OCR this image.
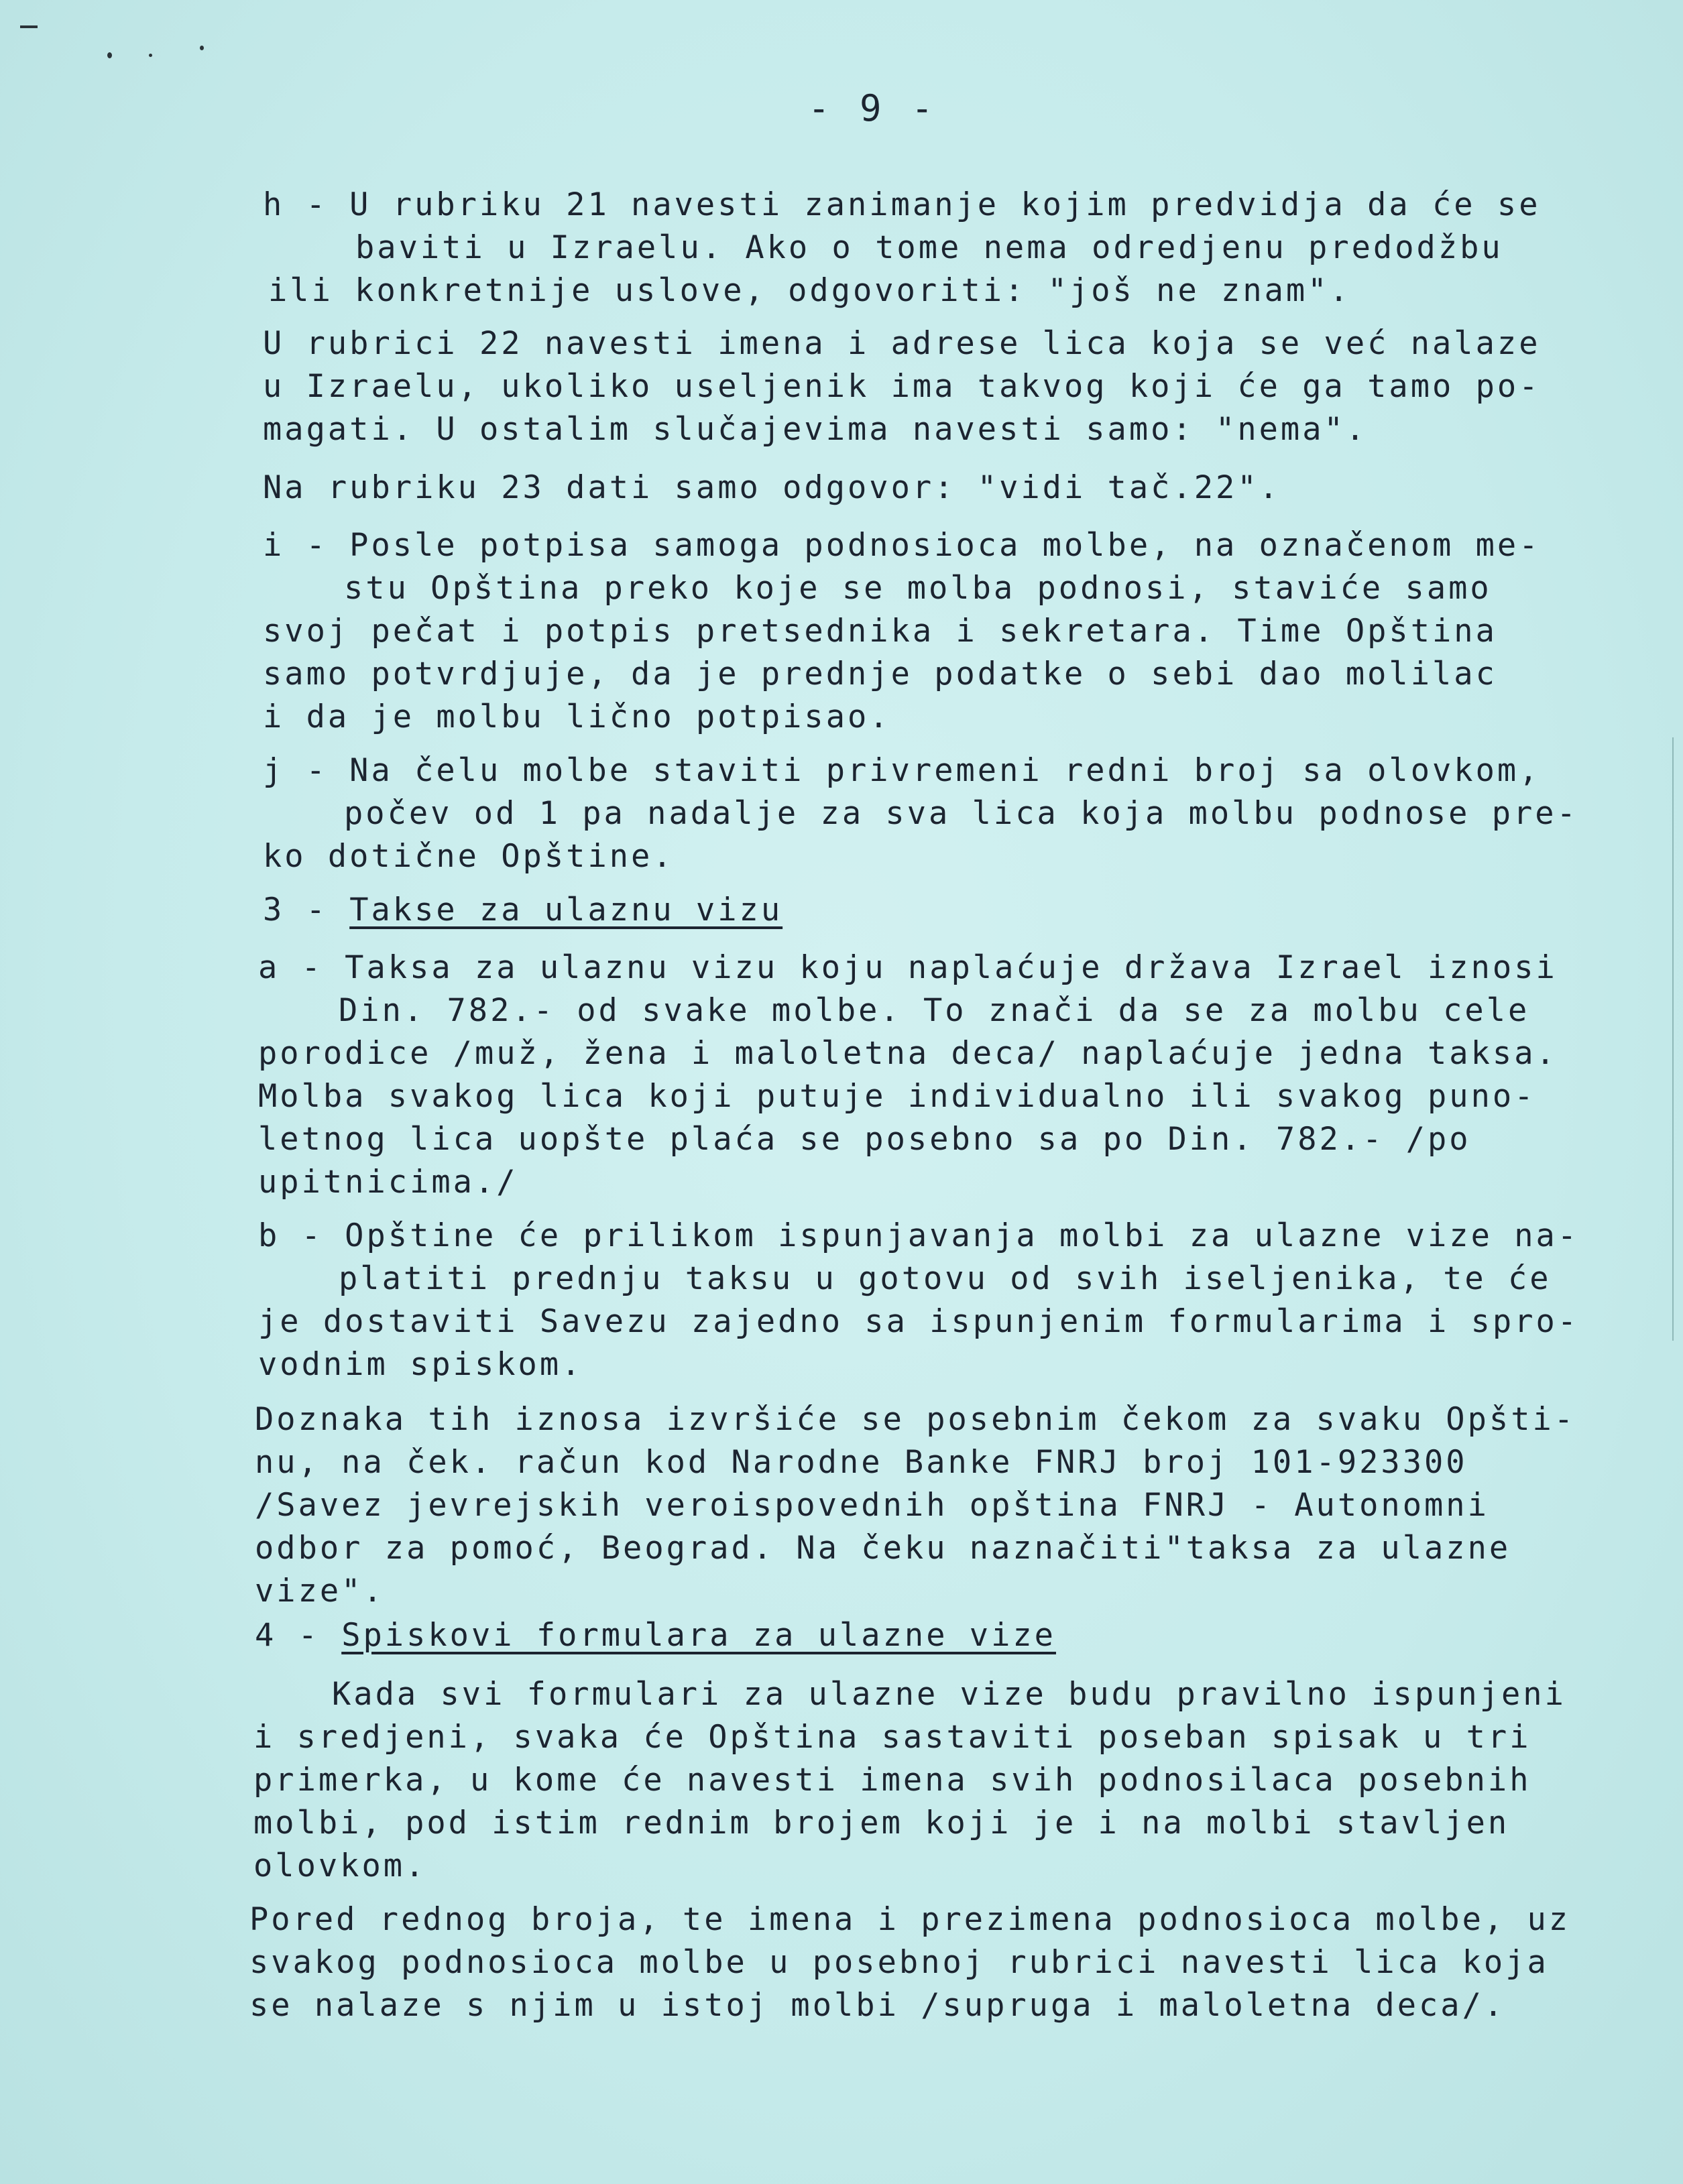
- 9 -
h - U rubriku 21 navesti zanimanje kojim predvidja da će se
baviti u Izraelu. Ako o tome nema odredjenu predodžbu
ili konkretnije uslove, odgovoriti: "još ne znam".
U rubrici 22 navesti imena i adrese lica koja se već nalaze
u Izraelu, ukoliko useljenik ima takvog koji će ga tamo po-
magati. U ostalim slučajevima navesti samo: "nema".
Na rubriku 23 dati samo odgovor: "vidi tač.22".
i - Posle potpisa samoga podnosioca molbe, na označenom me-
stu Opština preko koje se molba podnosi, staviće samo
svoj pečat i potpis pretsednika i sekretara. Time Opština
samo potvrdjuje, da je prednje podatke o sebi dao molilac
i da je molbu lično potpisao.
j - Na čelu molbe staviti privremeni redni broj sa olovkom,
počev od 1 pa nadalje za sva lica koja molbu podnose pre-
ko dotične Opštine.
3 - Takse za ulaznu vizu
a - Taksa za ulaznu vizu koju naplaćuje država Izrael iznosi
Din. 782.- od svake molbe. To znači da se za molbu cele
porodice /muž, žena i maloletna deca/ naplaćuje jedna taksa.
Molba svakog lica koji putuje individualno ili svakog puno-
letnog lica uopšte plaća se posebno sa po Din. 782.- /po
upitnicima./
b - Opštine će prilikom ispunjavanja molbi za ulazne vize na-
platiti prednju taksu u gotovu od svih iseljenika, te će
je dostaviti Savezu zajedno sa ispunjenim formularima i spro-
vodnim spiskom.
Doznaka tih iznosa izvršiće se posebnim čekom za svaku Opšti-
nu, na ček. račun kod Narodne Banke FNRJ broj 101-923300
/Savez jevrejskih veroispovednih opština FNRJ - Autonomni
odbor za pomoć, Beograd. Na čeku naznačiti"taksa za ulazne
vize".
4 - Spiskovi formulara za ulazne vize
Kada svi formulari za ulazne vize budu pravilno ispunjeni
i sredjeni, svaka će Opština sastaviti poseban spisak u tri
primerka, u kome će navesti imena svih podnosilaca posebnih
molbi, pod istim rednim brojem koji je i na molbi stavljen
olovkom.
Pored rednog broja, te imena i prezimena podnosioca molbe, uz
svakog podnosioca molbe u posebnoj rubrici navesti lica koja
se nalaze s njim u istoj molbi /supruga i maloletna deca/.
